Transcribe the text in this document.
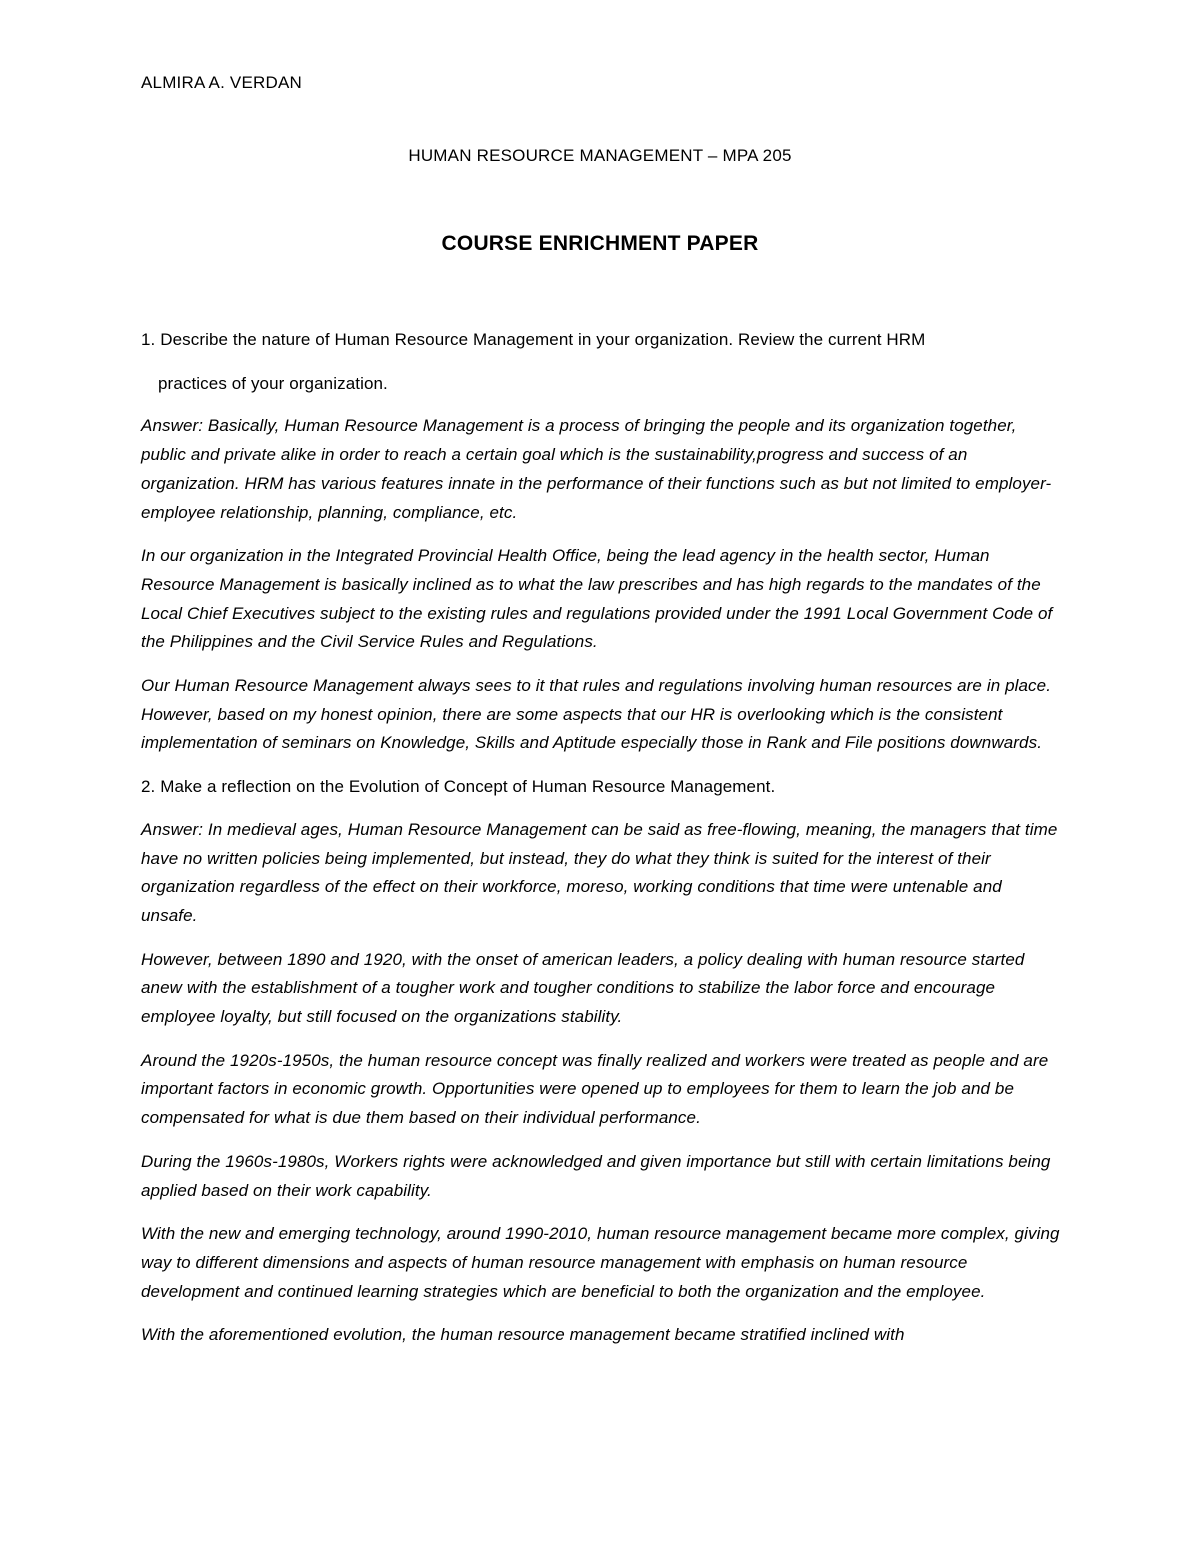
ALMIRA A. VERDAN
HUMAN RESOURCE MANAGEMENT – MPA 205
COURSE ENRICHMENT PAPER

1. Describe the nature of Human Resource Management in your organization. Review the current HRM
practices of your organization.

Answer: Basically, Human Resource Management is a process of bringing the people and its organization together, public and private alike in order to reach a certain goal which is the sustainability,progress and success of an organization. HRM has various features innate in the performance of their functions such as but not limited to employer-employee relationship, planning, compliance, etc.

In our organization in the Integrated Provincial Health Office, being the lead agency in the health sector, Human Resource Management is basically inclined as to what the law prescribes and has high regards to the mandates of the Local Chief Executives subject to the existing rules and regulations provided under the 1991 Local Government Code of the Philippines and the Civil Service Rules and Regulations.

Our Human Resource Management always sees to it that rules and regulations involving human resources are in place. However, based on my honest opinion, there are some aspects that our HR is overlooking which is the consistent implementation of seminars on Knowledge, Skills and Aptitude especially those in Rank and File positions downwards.

2. Make a reflection on the Evolution of Concept of Human Resource Management.

Answer: In medieval ages, Human Resource Management can be said as free-flowing, meaning, the managers that time have no written policies being implemented, but instead, they do what they think is suited for the interest of their organization regardless of the effect on their workforce, moreso, working conditions that time were untenable and unsafe.

However, between 1890 and 1920, with the onset of american leaders, a policy dealing with human resource started anew with the establishment of a tougher work and tougher conditions to stabilize the labor force and encourage employee loyalty, but still focused on the organizations stability.

Around the 1920s-1950s, the human resource concept was finally realized and workers were treated as people and are important factors in economic growth. Opportunities were opened up to employees for them to learn the job and be compensated for what is due them based on their individual performance.

During the 1960s-1980s, Workers rights were acknowledged and given importance but still with certain limitations being applied based on their work capability.

With the new and emerging technology, around 1990-2010, human resource management became more complex, giving way to different dimensions and aspects of human resource management with emphasis on human resource development and continued learning strategies which are beneficial to both the organization and the employee.

With the aforementioned evolution, the human resource management became stratified inclined with
